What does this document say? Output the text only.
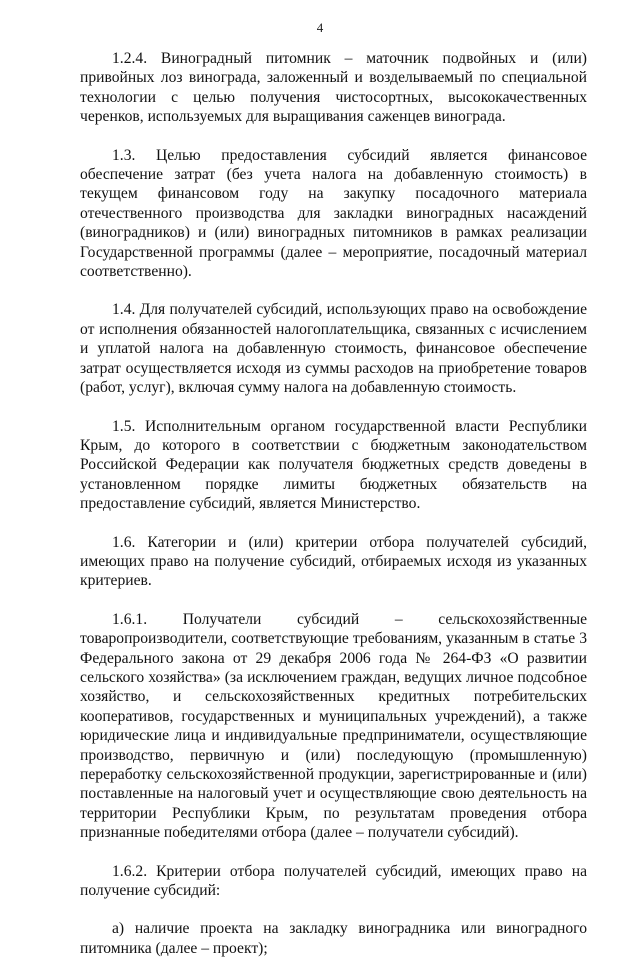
4

1.2.4. Виноградный питомник – маточник подвойных и (или) привойных лоз винограда, заложенный и возделываемый по специальной технологии с целью получения чистосортных, высококачественных черенков, используемых для выращивания саженцев винограда.

1.3. Целью предоставления субсидий является финансовое обеспечение затрат (без учета налога на добавленную стоимость) в текущем финансовом году на закупку посадочного материала отечественного производства для закладки виноградных насаждений (виноградников) и (или) виноградных питомников в рамках реализации Государственной программы (далее – мероприятие, посадочный материал соответственно).

1.4. Для получателей субсидий, использующих право на освобождение от исполнения обязанностей налогоплательщика, связанных с исчислением и уплатой налога на добавленную стоимость, финансовое обеспечение затрат осуществляется исходя из суммы расходов на приобретение товаров (работ, услуг), включая сумму налога на добавленную стоимость.

1.5. Исполнительным органом государственной власти Республики Крым, до которого в соответствии с бюджетным законодательством Российской Федерации как получателя бюджетных средств доведены в установленном порядке лимиты бюджетных обязательств на предоставление субсидий, является Министерство.

1.6. Категории и (или) критерии отбора получателей субсидий, имеющих право на получение субсидий, отбираемых исходя из указанных критериев.

1.6.1. Получатели субсидий – сельскохозяйственные товаропроизводители, соответствующие требованиям, указанным в статье 3 Федерального закона от 29 декабря 2006 года № 264-ФЗ «О развитии сельского хозяйства» (за исключением граждан, ведущих личное подсобное хозяйство, и сельскохозяйственных кредитных потребительских кооперативов, государственных и муниципальных учреждений), а также юридические лица и индивидуальные предприниматели, осуществляющие производство, первичную и (или) последующую (промышленную) переработку сельскохозяйственной продукции, зарегистрированные и (или) поставленные на налоговый учет и осуществляющие свою деятельность на территории Республики Крым, по результатам проведения отбора признанные победителями отбора (далее – получатели субсидий).

1.6.2. Критерии отбора получателей субсидий, имеющих право на получение субсидий:

а) наличие проекта на закладку виноградника или виноградного питомника (далее – проект);
